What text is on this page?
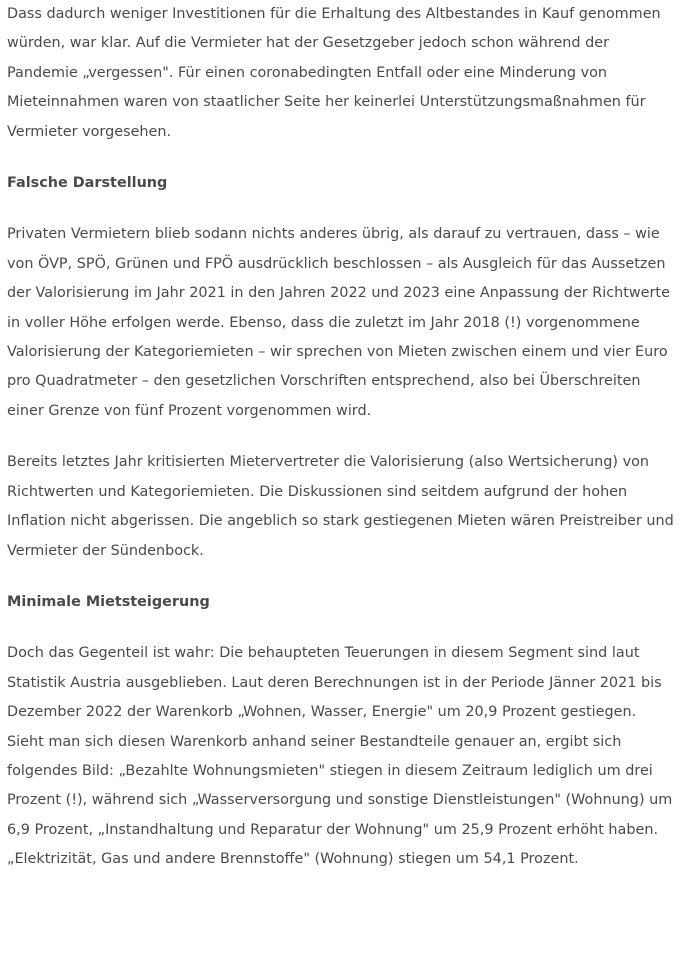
Dass dadurch weniger Investitionen für die Erhaltung des Altbestandes in Kauf genommen würden, war klar. Auf die Vermieter hat der Gesetzgeber jedoch schon während der Pandemie „vergessen". Für einen coronabedingten Entfall oder eine Minderung von Mieteinnahmen waren von staatlicher Seite her keinerlei Unterstützungsmaßnahmen für Vermieter vorgesehen.

Falsche Darstellung

Privaten Vermietern blieb sodann nichts anderes übrig, als darauf zu vertrauen, dass – wie von ÖVP, SPÖ, Grünen und FPÖ ausdrücklich beschlossen – als Ausgleich für das Aussetzen der Valorisierung im Jahr 2021 in den Jahren 2022 und 2023 eine Anpassung der Richtwerte in voller Höhe erfolgen werde. Ebenso, dass die zuletzt im Jahr 2018 (!) vorgenommene Valorisierung der Kategoriemieten – wir sprechen von Mieten zwischen einem und vier Euro pro Quadratmeter – den gesetzlichen Vorschriften entsprechend, also bei Überschreiten einer Grenze von fünf Prozent vorgenommen wird.

Bereits letztes Jahr kritisierten Mietervertreter die Valorisierung (also Wertsicherung) von Richtwerten und Kategoriemieten. Die Diskussionen sind seitdem aufgrund der hohen Inflation nicht abgerissen. Die angeblich so stark gestiegenen Mieten wären Preistreiber und Vermieter der Sündenbock.

Minimale Mietsteigerung

Doch das Gegenteil ist wahr: Die behaupteten Teuerungen in diesem Segment sind laut Statistik Austria ausgeblieben. Laut deren Berechnungen ist in der Periode Jänner 2021 bis Dezember 2022 der Warenkorb „Wohnen, Wasser, Energie" um 20,9 Prozent gestiegen. Sieht man sich diesen Warenkorb anhand seiner Bestandteile genauer an, ergibt sich folgendes Bild: „Bezahlte Wohnungsmieten" stiegen in diesem Zeitraum lediglich um drei Prozent (!), während sich „Wasserversorgung und sonstige Dienstleistungen" (Wohnung) um 6,9 Prozent, „Instandhaltung und Reparatur der Wohnung" um 25,9 Prozent erhöht haben. „Elektrizität, Gas und andere Brennstoffe" (Wohnung) stiegen um 54,1 Prozent.
